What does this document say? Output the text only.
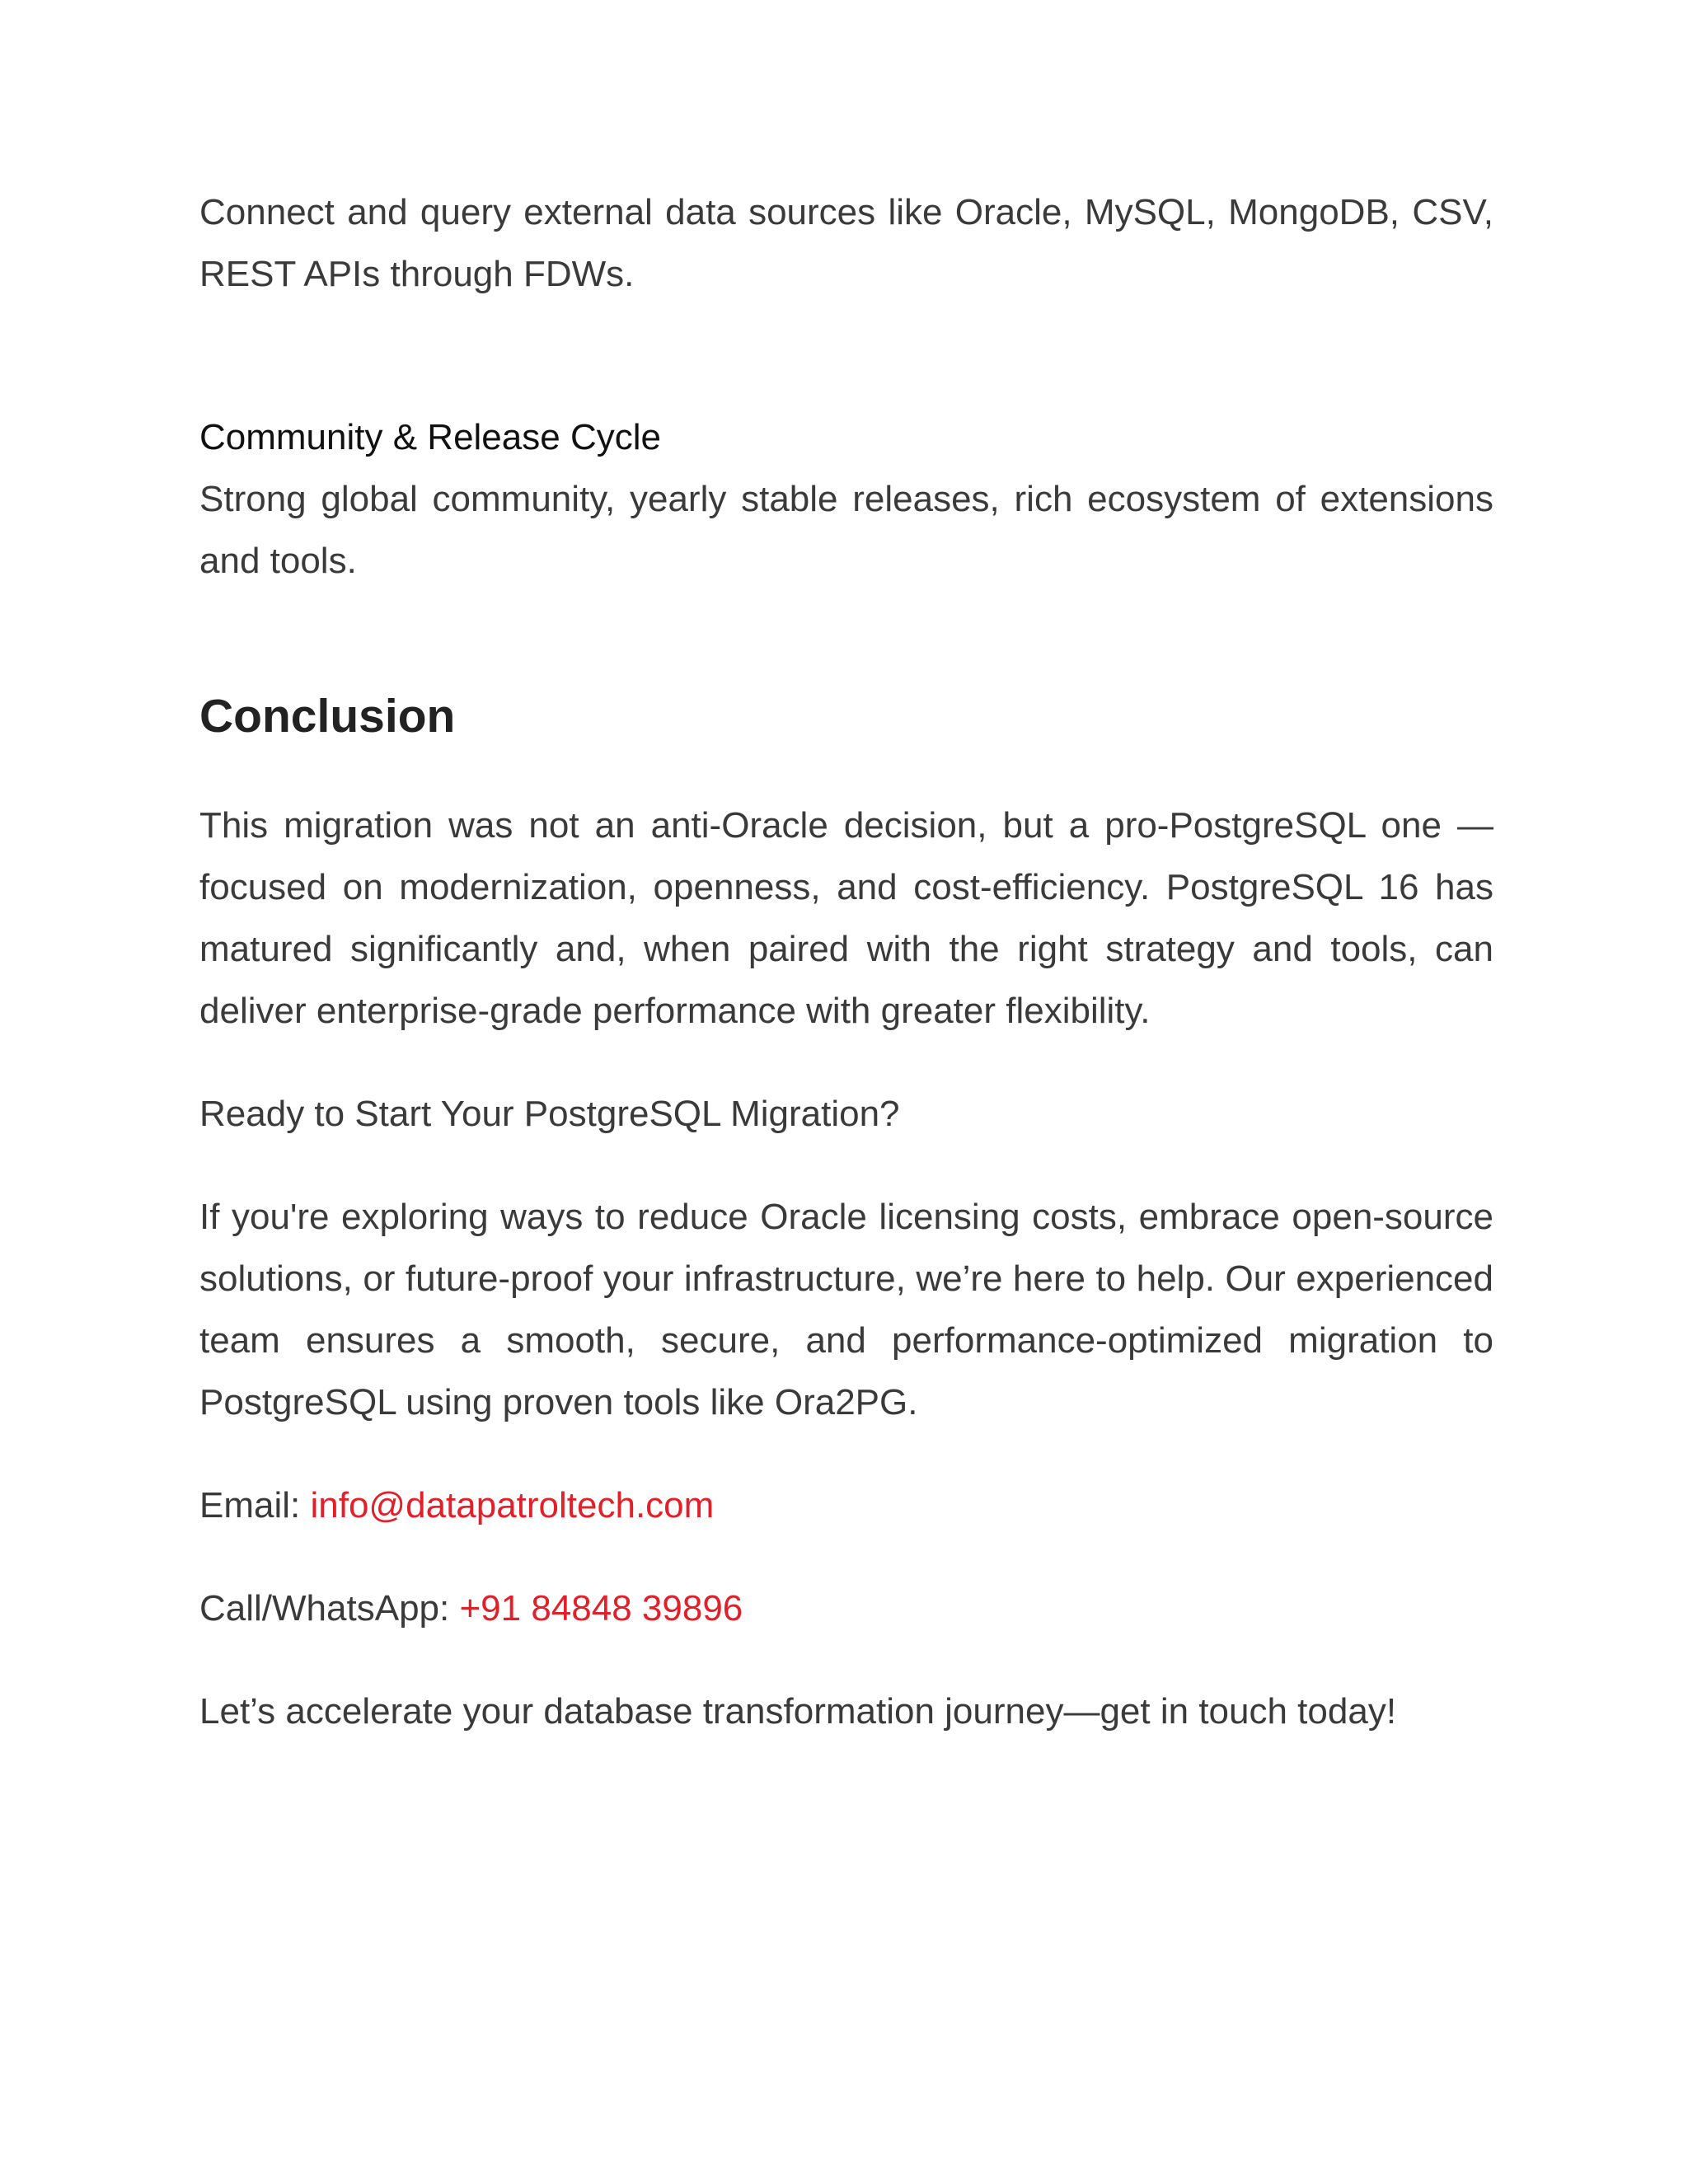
Connect and query external data sources like Oracle, MySQL, MongoDB, CSV, REST APIs through FDWs.

Community & Release Cycle

Strong global community, yearly stable releases, rich ecosystem of extensions and tools.

Conclusion

This migration was not an anti-Oracle decision, but a pro-PostgreSQL one — focused on modernization, openness, and cost-efficiency. PostgreSQL 16 has matured significantly and, when paired with the right strategy and tools, can deliver enterprise-grade performance with greater flexibility.

Ready to Start Your PostgreSQL Migration?

If you're exploring ways to reduce Oracle licensing costs, embrace open-source solutions, or future-proof your infrastructure, we’re here to help. Our experienced team ensures a smooth, secure, and performance-optimized migration to PostgreSQL using proven tools like Ora2PG.

Email: info@datapatroltech.com

Call/WhatsApp: +91 84848 39896

Let’s accelerate your database transformation journey—get in touch today!
